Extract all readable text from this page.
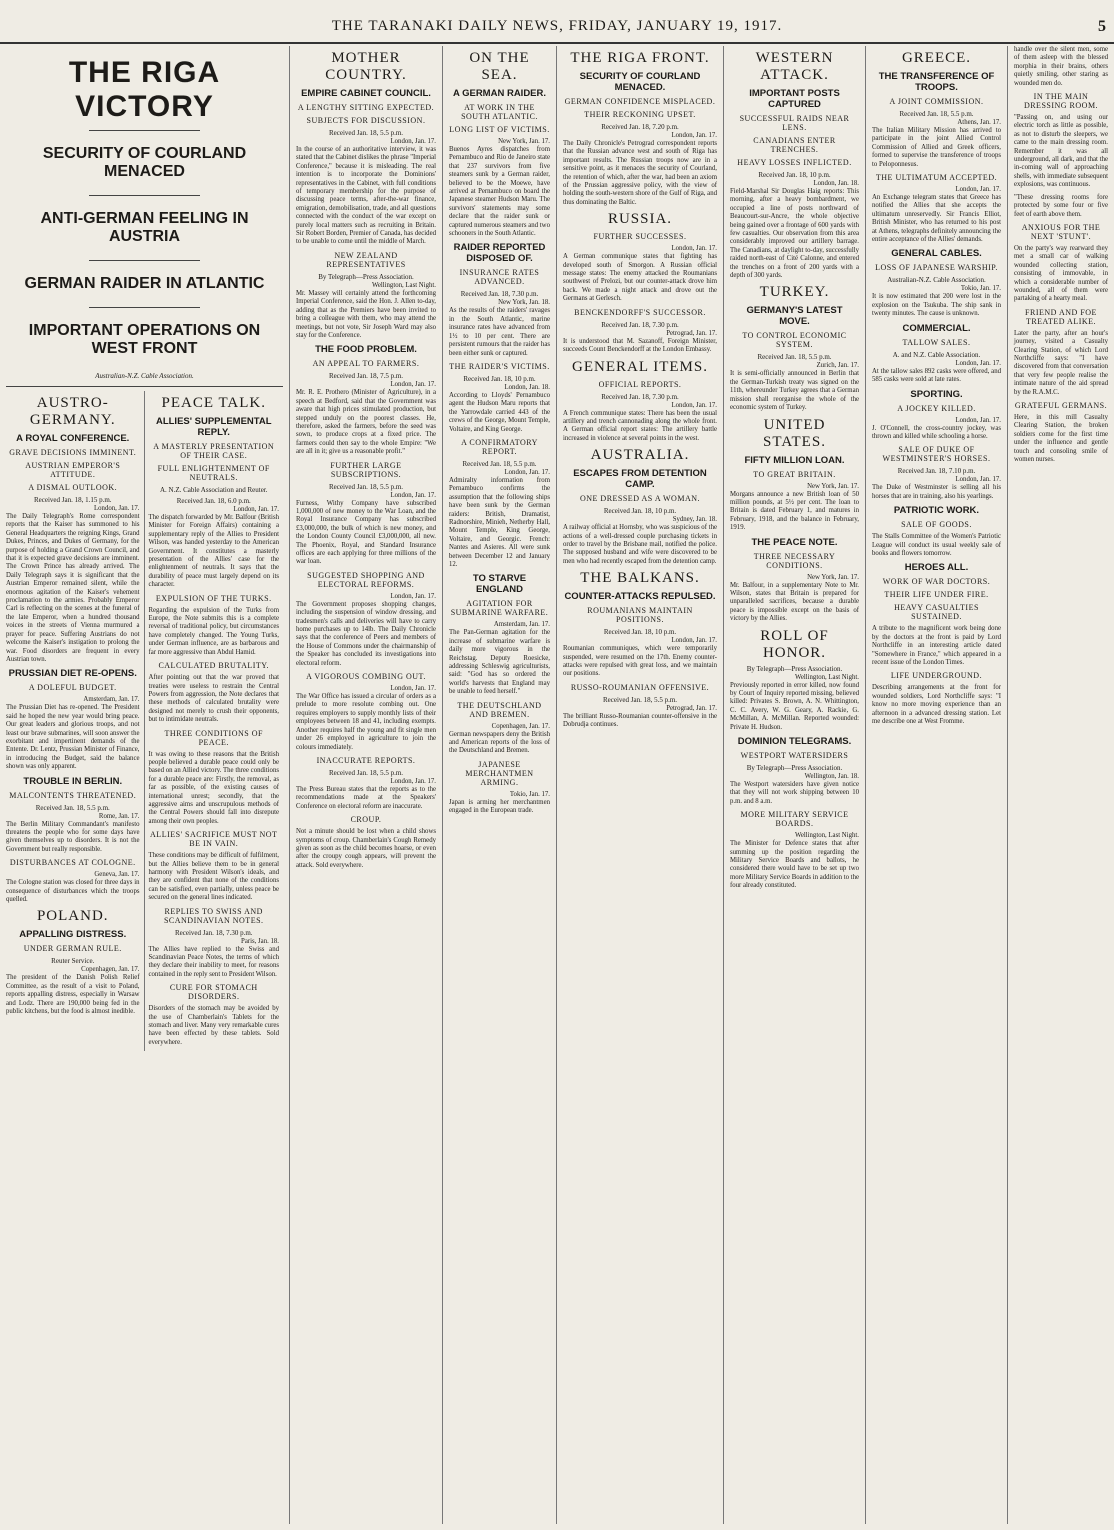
THE TARANAKI DAILY NEWS, FRIDAY, JANUARY 19, 1917.	5
THE RIGA VICTORY
SECURITY OF COURLAND MENACED
ANTI-GERMAN FEELING IN AUSTRIA
GERMAN RAIDER IN ATLANTIC
IMPORTANT OPERATIONS ON WEST FRONT
Australian-N.Z. Cable Association.
AUSTRO-GERMANY.
A ROYAL CONFERENCE.
GRAVE DECISIONS IMMINENT.
AUSTRIAN EMPEROR'S ATTITUDE.
A DISMAL OUTLOOK.
Received Jan. 18, 1.15 p.m.
London, Jan. 17.

The Daily Telegraph's Rome correspondent reports that the Kaiser has summoned to his General Headquarters the reigning Kings, Grand Dukes, Princes, and Dukes of Germany, for the purpose of holding a Grand Crown Council, and that it is expected grave decisions are imminent. The Crown Prince has already arrived. The Daily Telegraph says it is significant that the Austrian Emperor remained silent, while the enormous agitation of the Kaiser's vehement proclamation to the armies. Probably Emperor Carl is reflecting on the scenes at the funeral of the late Emperor, when a hundred thousand voices in the streets of Vienna murmured a prayer for peace. Suffering Austrians do not welcome the Kaiser's instigation to prolong the war. Food disorders are frequent in every Austrian town.

PRUSSIAN DIET RE-OPENS.
A DOLEFUL BUDGET.
Amsterdam, Jan. 17.

The Prussian Diet has re-opened. The President said he hoped the new year would bring peace. Our great leaders and glorious troops, and not least our brave submarines, will soon answer the exorbitant and impertinent demands of the Entente. Dr. Lentz, Prussian Minister of Finance, in introducing the Budget, said the balance shown was only apparent.

TROUBLE IN BERLIN.
MALCONTENTS THREATENED.
Received Jan. 18, 5.5 p.m.
Rome, Jan. 17.

The Berlin Military Commandant's manifesto threatens the people who for some days have given themselves up to disorders. It is not the Government but really responsible.

DISTURBANCES AT COLOGNE.
Geneva, Jan. 17.

The Cologne station was closed for three days in consequence of disturbances which the troops quelled.

POLAND.
APPALLING DISTRESS.
UNDER GERMAN RULE.
Reuter Service.
Copenhagen, Jan. 17.

The president of the Danish Polish Relief Committee, as the result of a visit to Poland, reports appalling distress, especially in Warsaw and Lodz. There are 190,000 being fed in the public kitchens, but the food is almost inedible.

PEACE TALK.
ALLIES' SUPPLEMENTAL REPLY.
A MASTERLY PRESENTATION OF THEIR CASE.
FULL ENLIGHTENMENT OF NEUTRALS.
A. N.Z. Cable Association and Reuter.
Received Jan. 18, 6.0 p.m.
London, Jan. 17.

The dispatch forwarded by Mr. Balfour (British Minister for Foreign Affairs) containing a supplementary reply of the Allies to President Wilson, was handed yesterday to the American Government. It constitutes a masterly presentation of the Allies' case for the enlightenment of neutrals. It says that the durability of peace must largely depend on its character.

EXPULSION OF THE TURKS.

Regarding the expulsion of the Turks from Europe, the Note submits this is a complete reversal of traditional policy, but circumstances have completely changed. The Young Turks, under German influence, are as barbarous and far more aggressive than Abdul Hamid.

CALCULATED BRUTALITY.

After pointing out that the war proved that treaties were useless to restrain the Central Powers from aggression, the Note declares that these methods of calculated brutality were designed not merely to crush their opponents, but to intimidate neutrals.

THREE CONDITIONS OF PEACE.

It was owing to these reasons that the British people believed a durable peace could only be based on an Allied victory. The three conditions for a durable peace are: Firstly, the removal, as far as possible, of the existing causes of international unrest; secondly, that the aggressive aims and unscrupulous methods of the Central Powers should fall into disrepute among their own peoples.

ALLIES' SACRIFICE MUST NOT BE IN VAIN.

These conditions may be difficult of fulfilment, but the Allies believe them to be in general harmony with President Wilson's ideals, and they are confident that none of the conditions can be satisfied, even partially, unless peace be secured on the general lines indicated.

REPLIES TO SWISS AND SCANDINAVIAN NOTES.
Received Jan. 18, 7.30 p.m.
Paris, Jan. 18.

The Allies have replied to the Swiss and Scandinavian Peace Notes, the terms of which they declare their inability to meet, for reasons contained in the reply sent to President Wilson.

CURE FOR STOMACH DISORDERS.

Disorders of the stomach may be avoided by the use of Chamberlain's Tablets for the stomach and liver. Many very remarkable cures have been effected by these tablets. Sold everywhere.

MOTHER COUNTRY.
EMPIRE CABINET COUNCIL.
A LENGTHY SITTING EXPECTED.
SUBJECTS FOR DISCUSSION.
Received Jan. 18, 5.5 p.m.
London, Jan. 17.

In the course of an authoritative interview, it was stated that the Cabinet dislikes the phrase "Imperial Conference," because it is misleading. The real intention is to incorporate the Dominions' representatives in the Cabinet, with full conditions of temporary membership for the purpose of discussing peace terms, after-the-war finance, emigration, demobilisation, trade, and all questions connected with the conduct of the war except on purely local matters such as recruiting in Britain. Sir Robert Borden, Premier of Canada, has decided to be unable to come until the middle of March.

NEW ZEALAND REPRESENTATIVES
By Telegraph—Press Association.
Wellington, Last Night.

Mr. Massey will certainly attend the forthcoming Imperial Conference, said the Hon. J. Allen to-day, adding that as the Premiers have been invited to bring a colleague with them, who may attend the meetings, but not vote, Sir Joseph Ward may also stay for the Conference.

THE FOOD PROBLEM.
AN APPEAL TO FARMERS.
Received Jan. 18, 7.5 p.m.
London, Jan. 17.

Mr. R. E. Prothero (Minister of Agriculture), in a speech at Bedford, said that the Government was aware that high prices stimulated production, but stepped unduly on the poorest classes. He, therefore, asked the farmers, before the seed was sown, to produce crops at a fixed price. The farmers could then say to the whole Empire: "We are all in it; give us a reasonable profit."

FURTHER LARGE SUBSCRIPTIONS.
Received Jan. 18, 5.5 p.m.
London, Jan. 17.

Furness, Withy Company have subscribed 1,000,000 of new money to the War Loan, and the Royal Insurance Company has subscribed £3,000,000, the bulk of which is new money, and the London County Council £3,000,000, all new. The Phoenix, Royal, and Standard Insurance offices are each applying for three millions of the war loan.

SUGGESTED SHOPPING AND ELECTORAL REFORMS.
London, Jan. 17.

The Government proposes shopping changes, including the suspension of window dressing, and tradesmen's calls and deliveries will have to carry home purchases up to 14lb. The Daily Chronicle says that the conference of Peers and members of the House of Commons under the chairmanship of the Speaker has concluded its investigations into electoral reform.

A VIGOROUS COMBING OUT.
London, Jan. 17.

The War Office has issued a circular of orders as a prelude to more resolute combing out. One requires employers to supply monthly lists of their employees between 18 and 41, including exempts. Another requires half the young and fit single men under 26 employed in agriculture to join the colours immediately.

INACCURATE REPORTS.
Received Jan. 18, 5.5 p.m.
London, Jan. 17.

The Press Bureau states that the reports as to the recommendations made at the Speakers' Conference on electoral reform are inaccurate.

CROUP.

Not a minute should be lost when a child shows symptoms of croup. Chamberlain's Cough Remedy given as soon as the child becomes hoarse, or even after the croupy cough appears, will prevent the attack. Sold everywhere.

ON THE SEA.
A GERMAN RAIDER.
AT WORK IN THE SOUTH ATLANTIC.
LONG LIST OF VICTIMS.
New York, Jan. 17.

Buenos Ayres dispatches from Pernambuco and Rio de Janeiro state that 237 survivors from five steamers sunk by a German raider, believed to be the Moewe, have arrived at Pernambuco on board the Japanese steamer Hudson Maru. The survivors' statements may some declare that the raider sunk or captured numerous steamers and two schooners in the South Atlantic.

RAIDER REPORTED DISPOSED OF.
INSURANCE RATES ADVANCED.
Received Jan. 18, 7.30 p.m.
New York, Jan. 18.

As the results of the raiders' ravages in the South Atlantic, marine insurance rates have advanced from 1½ to 10 per cent. There are persistent rumours that the raider has been either sunk or captured.

THE RAIDER'S VICTIMS.
Received Jan. 18, 10 p.m.
London, Jan. 18.

According to Lloyds' Pernambuco agent the Hudson Maru reports that the Yarrowdale carried 443 of the crews of the George, Mount Temple, Voltaire, and King George.

A CONFIRMATORY REPORT.
Received Jan. 18, 5.5 p.m.
London, Jan. 17.

Admiralty information from Pernambuco confirms the assumption that the following ships have been sunk by the German raiders: British, Dramatist, Radnorshire, Minieh, Netherby Hall, Mount Temple, King George, Voltaire, and Georgic. French: Nantes and Asieres. All were sunk between December 12 and January 12.

TO STARVE ENGLAND
AGITATION FOR SUBMARINE WARFARE.
Amsterdam, Jan. 17.

The Pan-German agitation for the increase of submarine warfare is daily more vigorous in the Reichstag. Deputy Roesicke, addressing Schleswig agriculturists, said: "God has so ordered the world's harvests that England may be unable to feed herself."

THE DEUTSCHLAND AND BREMEN.
Copenhagen, Jan. 17.

German newspapers deny the British and American reports of the loss of the Deutschland and Bremen.

JAPANESE MERCHANTMEN ARMING.
Tokio, Jan. 17.

Japan is arming her merchantmen engaged in the European trade.

THE RIGA FRONT.
SECURITY OF COURLAND MENACED.
GERMAN CONFIDENCE MISPLACED.
THEIR RECKONING UPSET.
Received Jan. 18, 7.20 p.m.
London, Jan. 17.

The Daily Chronicle's Petrograd correspondent reports that the Russian advance west and south of Riga has important results. The Russian troops now are in a sensitive point, as it menaces the security of Courland, the retention of which, after the war, had been an axiom of the Prussian aggressive policy, with the view of holding the south-western shore of the Gulf of Riga, and thus dominating the Baltic.

RUSSIA.
FURTHER SUCCESSES.
London, Jan. 17.

A German communique states that fighting has developed south of Smorgon. A Russian official message states: The enemy attacked the Roumanians southwest of Prelozi, but our counter-attack drove him back. We made a night attack and drove out the Germans at Gerlesch.

BENCKENDORFF'S SUCCESSOR.
Received Jan. 18, 7.30 p.m.
Petrograd, Jan. 17.

It is understood that M. Sazanoff, Foreign Minister, succeeds Count Benckendorff at the London Embassy.

GENERAL ITEMS.
OFFICIAL REPORTS.
Received Jan. 18, 7.30 p.m.
London, Jan. 17.

A French communique states: There has been the usual artillery and trench cannonading along the whole front. A German official report states: The artillery battle increased in violence at several points in the west.

AUSTRALIA.
ESCAPES FROM DETENTION CAMP.
ONE DRESSED AS A WOMAN.
Received Jan. 18, 10 p.m.
Sydney, Jan. 18.

A railway official at Hornsby, who was suspicious of the actions of a well-dressed couple purchasing tickets in order to travel by the Brisbane mail, notified the police. The supposed husband and wife were discovered to be men who had recently escaped from the detention camp.

THE BALKANS.
COUNTER-ATTACKS REPULSED.
ROUMANIANS MAINTAIN POSITIONS.
Received Jan. 18, 10 p.m.
London, Jan. 17.

Roumanian communiques, which were temporarily suspended, were resumed on the 17th. Enemy counter-attacks were repulsed with great loss, and we maintain our positions.

RUSSO-ROUMANIAN OFFENSIVE.
Received Jan. 18, 5.5 p.m.
Petrograd, Jan. 17.

The brilliant Russo-Roumanian counter-offensive in the Dobrudja continues.

WESTERN ATTACK.
IMPORTANT POSTS CAPTURED
SUCCESSFUL RAIDS NEAR LENS.
CANADIANS ENTER TRENCHES.
HEAVY LOSSES INFLICTED.
Received Jan. 18, 10 p.m.
London, Jan. 18.

Field-Marshal Sir Douglas Haig reports: This morning, after a heavy bombardment, we occupied a line of posts northward of Beaucourt-sur-Ancre, the whole objective being gained over a frontage of 600 yards with few casualties. Our observation from this area considerably improved our artillery barrage. The Canadians, at daylight to-day, successfully raided north-east of Cité Calonne, and entered the trenches on a front of 200 yards with a depth of 300 yards.

TURKEY.
GERMANY'S LATEST MOVE.
TO CONTROL ECONOMIC SYSTEM.
Received Jan. 18, 5.5 p.m.
Zurich, Jan. 17.

It is semi-officially announced in Berlin that the German-Turkish treaty was signed on the 11th, whereunder Turkey agrees that a German mission shall reorganise the whole of the economic system of Turkey.

UNITED STATES.
FIFTY MILLION LOAN.
TO GREAT BRITAIN.
New York, Jan. 17.

Morgans announce a new British loan of 50 million pounds, at 5½ per cent. The loan to Britain is dated February 1, and matures in February, 1918, and the balance in February, 1919.

THE PEACE NOTE.
THREE NECESSARY CONDITIONS.
New York, Jan. 17.

Mr. Balfour, in a supplementary Note to Mr. Wilson, states that Britain is prepared for unparalleled sacrifices, because a durable peace is impossible except on the basis of victory by the Allies.

ROLL OF HONOR.
By Telegraph—Press Association.
Wellington, Last Night.

Previously reported in error killed, now found by Court of Inquiry reported missing, believed killed: Privates S. Brown, A. N. Whittington, C. C. Avery, W. G. Geary, A. Rackie, G. McMillan, A. McMillan. Reported wounded: Private H. Hudson.

DOMINION TELEGRAMS.
WESTPORT WATERSIDERS
By Telegraph—Press Association.
Wellington, Jan. 18.

The Westport watersiders have given notice that they will not work shipping between 10 p.m. and 8 a.m.

MORE MILITARY SERVICE BOARDS.
Wellington, Last Night.

The Minister for Defence states that after summing up the position regarding the Military Service Boards and ballots, he considered there would have to be set up two more Military Service Boards in addition to the four already constituted.

GREECE.
THE TRANSFERENCE OF TROOPS.
A JOINT COMMISSION.
Received Jan. 18, 5.5 p.m.
Athens, Jan. 17.

The Italian Military Mission has arrived to participate in the joint Allied Control Commission of Allied and Greek officers, formed to supervise the transference of troops to Peloponnesus.

THE ULTIMATUM ACCEPTED.
London, Jan. 17.

An Exchange telegram states that Greece has notified the Allies that she accepts the ultimatum unreservedly. Sir Francis Elliot, British Minister, who has returned to his post at Athens, telegraphs definitely announcing the entire acceptance of the Allies' demands.

GENERAL CABLES.
LOSS OF JAPANESE WARSHIP.
Australian-N.Z. Cable Association.
Tokio, Jan. 17.

It is now estimated that 200 were lost in the explosion on the Tsukuba. The ship sank in twenty minutes. The cause is unknown.

COMMERCIAL.
TALLOW SALES.
A. and N.Z. Cable Association.
London, Jan. 17.

At the tallow sales 892 casks were offered, and 585 casks were sold at late rates.

SPORTING.
A JOCKEY KILLED.
London, Jan. 17.

J. O'Connell, the cross-country jockey, was thrown and killed while schooling a horse.

SALE OF DUKE OF WESTMINSTER'S HORSES.
Received Jan. 18, 7.10 p.m.
London, Jan. 17.

The Duke of Westminster is selling all his horses that are in training, also his yearlings.

PATRIOTIC WORK.
SALE OF GOODS.

The Stalls Committee of the Women's Patriotic League will conduct its usual weekly sale of books and flowers tomorrow.

HEROES ALL.
WORK OF WAR DOCTORS.
THEIR LIFE UNDER FIRE.
HEAVY CASUALTIES SUSTAINED.

A tribute to the magnificent work being done by the doctors at the front is paid by Lord Northcliffe in an interesting article dated "Somewhere in France," which appeared in a recent issue of the London Times.

LIFE UNDERGROUND.

Describing arrangements at the front for wounded soldiers, Lord Northcliffe says: "I know no more moving experience than an afternoon in a advanced dressing station. Let me describe one at West Fromme.

handle over the silent men, some of them asleep with the blessed morphia in their brains, others quietly smiling, other staring as wounded men do.

IN THE MAIN DRESSING ROOM.

"Passing on, and using our electric torch as little as possible, as not to disturb the sleepers, we came to the main dressing room. Remember it was all underground, all dark, and that the in-coming wall of approaching shells, with immediate subsequent explosions, was continuous.

"These dressing rooms fore protected by some four or five feet of earth above them.

ANXIOUS FOR THE NEXT 'STUNT'.

On the party's way rearward they met a small car of walking wounded collecting station, consisting of immovable, in which a considerable number of wounded, all of them were partaking of a hearty meal.

FRIEND AND FOE TREATED ALIKE.

Later the party, after an hour's journey, visited a Casualty Clearing Station, of which Lord Northcliffe says: "I have discovered from that conversation that very few people realise the intimate nature of the aid spread by the R.A.M.C.

GRATEFUL GERMANS.

Here, in this mill Casualty Clearing Station, the broken soldiers come for the first time under the influence and gentle touch and consoling smile of women nurses.
